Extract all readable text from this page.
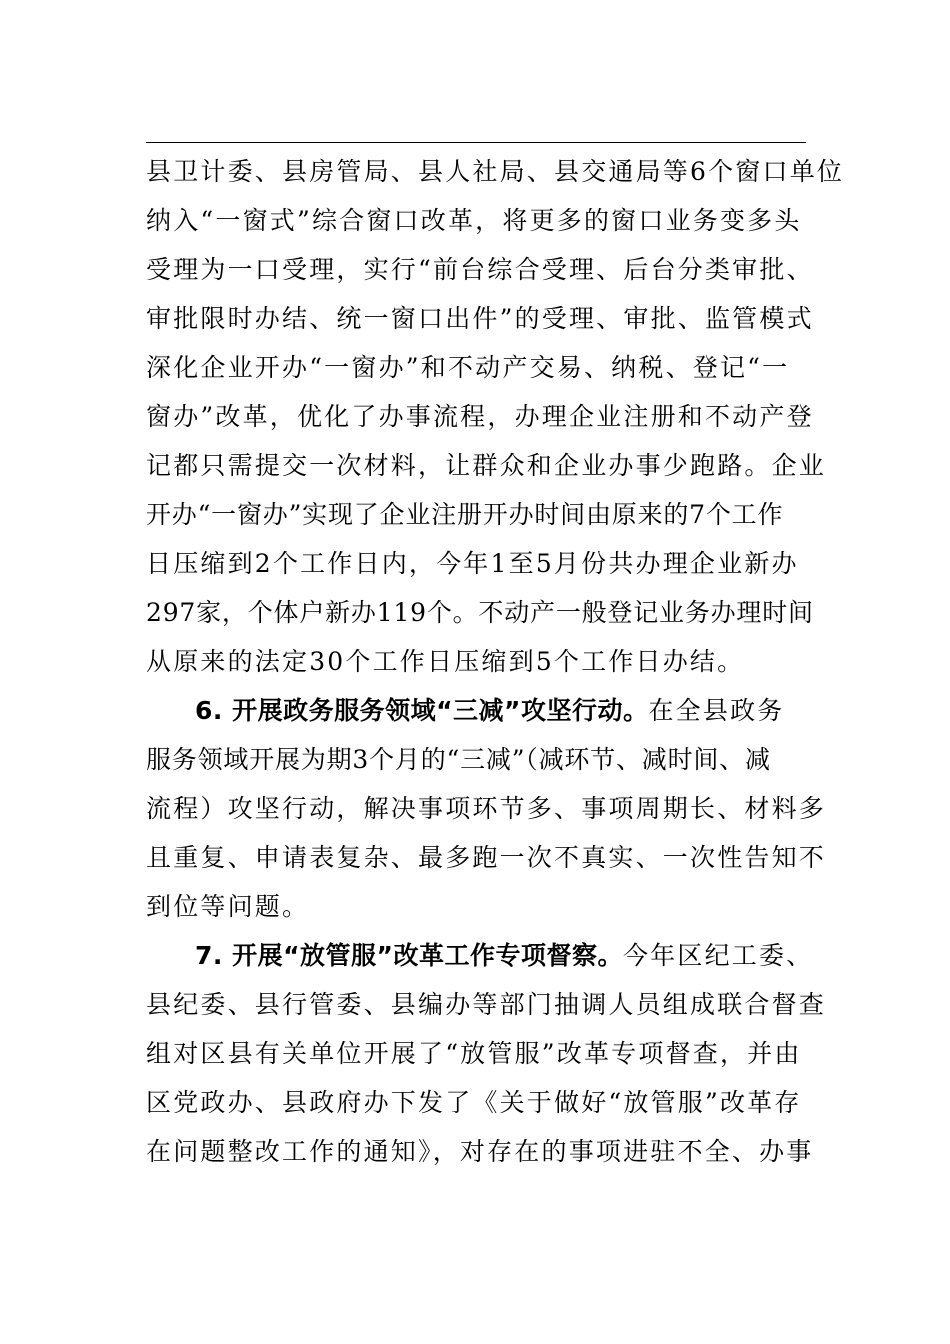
县卫计委、县房管局、县人社局、县交通局等6个窗口单位
纳入“一窗式”综合窗口改革，将更多的窗口业务变多头
受理为一口受理，实行“前台综合受理、后台分类审批、
审批限时办结、统一窗口出件”的受理、审批、监管模式
深化企业开办“一窗办”和不动产交易、纳税、登记“一
窗办”改革，优化了办事流程，办理企业注册和不动产登
记都只需提交一次材料，让群众和企业办事少跑路。企业
开办“一窗办”实现了企业注册开办时间由原来的7个工作
日压缩到2个工作日内，今年1至5月份共办理企业新办
297家，个体户新办119个。不动产一般登记业务办理时间
从原来的法定30个工作日压缩到5个工作日办结。
6. 开展政务服务领域“三减”攻坚行动。在全县政务
服务领域开展为期3个月的“三减”（减环节、减时间、减
流程）攻坚行动，解决事项环节多、事项周期长、材料多
且重复、申请表复杂、最多跑一次不真实、一次性告知不
到位等问题。
7. 开展“放管服”改革工作专项督察。今年区纪工委、
县纪委、县行管委、县编办等部门抽调人员组成联合督查
组对区县有关单位开展了“放管服”改革专项督查，并由
区党政办、县政府办下发了《关于做好“放管服”改革存
在问题整改工作的通知》，对存在的事项进驻不全、办事
